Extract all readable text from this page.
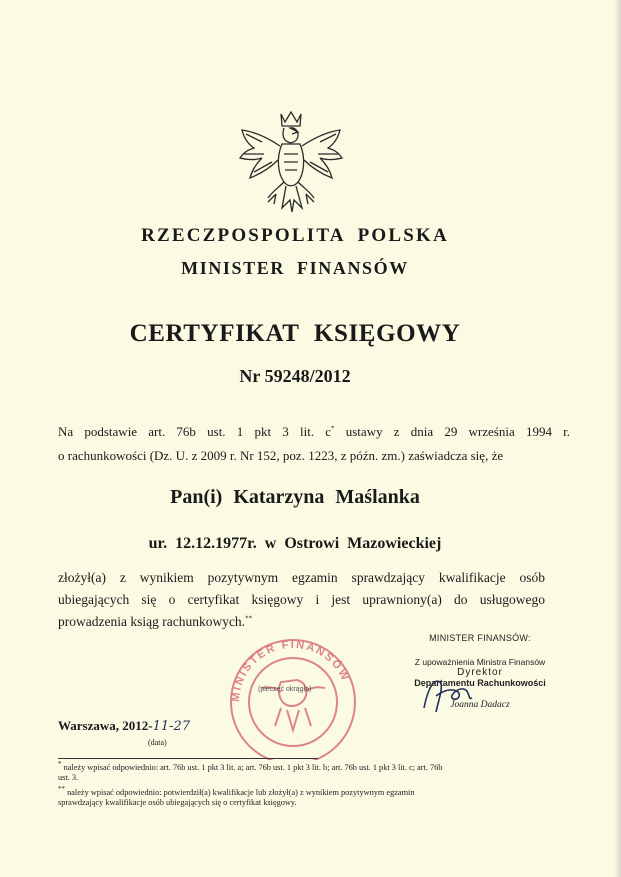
RZECZPOSPOLITA POLSKA
MINISTER FINANSÓW
CERTYFIKAT KSIĘGOWY
Nr 59248/2012
Na podstawie art. 76b ust. 1 pkt 3 lit. c* ustawy z dnia 29 września 1994 r.
o rachunkowości (Dz. U. z 2009 r. Nr 152, poz. 1223, z późn. zm.) zaświadcza się, że
Pan(i) Katarzyna Maślanka
ur. 12.12.1977r. w Ostrowi Mazowieckiej
złożył(a) z wynikiem pozytywnym egzamin sprawdzający kwalifikacje osób
ubiegających się o certyfikat księgowy i jest uprawniony(a) do usługowego
prowadzenia ksiąg rachunkowych.**
MINISTER FINANSÓW
(pieczęć okrągła)
MINISTER FINANSÓW:
Z upoważnienia Ministra Finansów
Dyrektor
Departamentu Rachunkowości
Joanna Dadacz
Warszawa, 2012-11-27
(data)
* należy wpisać odpowiednio: art. 76b ust. 1 pkt 3 lit. a; art. 76b ust. 1 pkt 3 lit. b; art. 76b ust. 1 pkt 3 lit. c; art. 76b
ust. 3.
** należy wpisać odpowiednio: potwierdził(a) kwalifikacje lub złożył(a) z wynikiem pozytywnym egzamin
sprawdzający kwalifikacje osób ubiegających się o certyfikat księgowy.
